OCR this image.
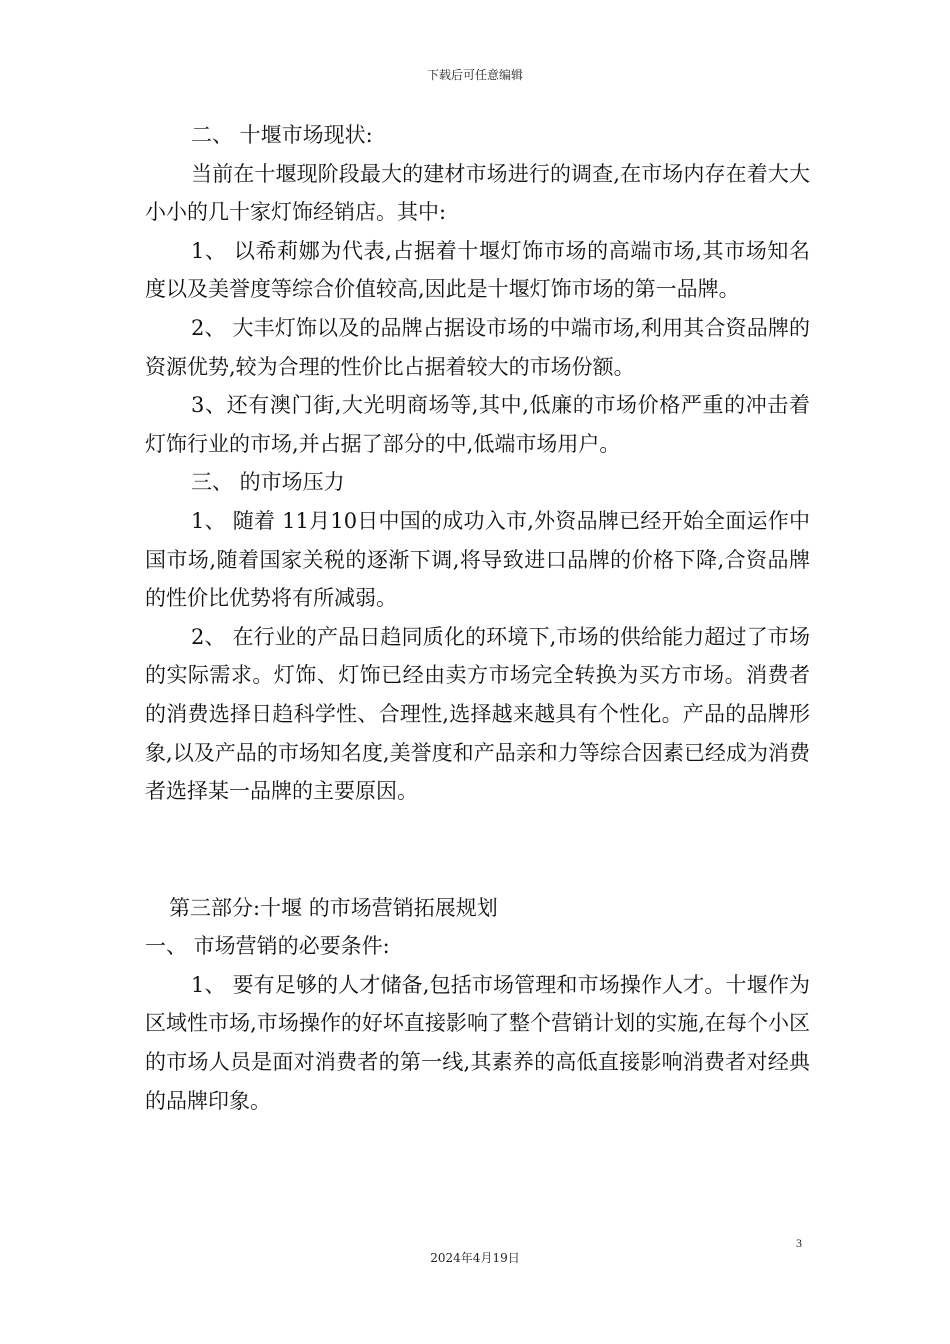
下载后可任意编辑

二、 十堰市场现状:

当前在十堰现阶段最大的建材市场进行的调查,在市场内存在着大大小小的几十家灯饰经销店。其中:

1、 以希莉娜为代表,占据着十堰灯饰市场的高端市场,其市场知名度以及美誉度等综合价值较高,因此是十堰灯饰市场的第一品牌。

2、 大丰灯饰以及的品牌占据设市场的中端市场,利用其合资品牌的资源优势,较为合理的性价比占据着较大的市场份额。

3、还有澳门街,大光明商场等,其中,低廉的市场价格严重的冲击着灯饰行业的市场,并占据了部分的中,低端市场用户。

三、 的市场压力

1、 随着 11月10日中国的成功入市,外资品牌已经开始全面运作中国市场,随着国家关税的逐渐下调,将导致进口品牌的价格下降,合资品牌的性价比优势将有所减弱。

2、 在行业的产品日趋同质化的环境下,市场的供给能力超过了市场的实际需求。灯饰、灯饰已经由卖方市场完全转换为买方市场。消费者的消费选择日趋科学性、合理性,选择越来越具有个性化。产品的品牌形象,以及产品的市场知名度,美誉度和产品亲和力等综合因素已经成为消费者选择某一品牌的主要原因。

第三部分:十堰 的市场营销拓展规划

一、 市场营销的必要条件:

1、 要有足够的人才储备,包括市场管理和市场操作人才。十堰作为区域性市场,市场操作的好坏直接影响了整个营销计划的实施,在每个小区的市场人员是面对消费者的第一线,其素养的高低直接影响消费者对经典的品牌印象。

3
2024年4月19日
